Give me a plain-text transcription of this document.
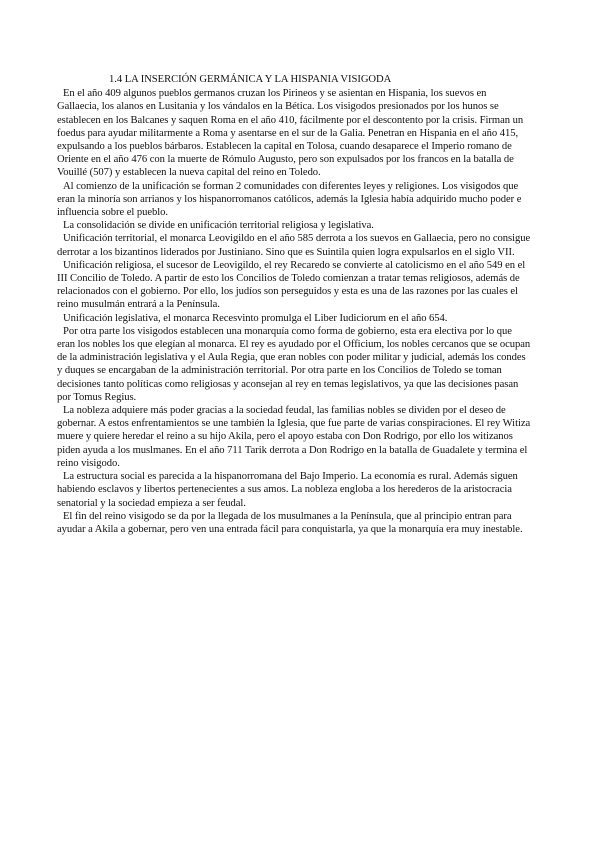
1.4 LA INSERCIÓN GERMÁNICA Y LA HISPANIA VISIGODA

En el año 409 algunos pueblos germanos cruzan los Pirineos y se asientan en Hispania, los suevos en Gallaecia, los alanos en Lusitania y los vándalos en la Bética. Los visigodos presionados por los hunos se establecen en los Balcanes y saquen Roma en el año 410, fácilmente por el descontento por la crisis. Firman un foedus para ayudar militarmente a Roma y asentarse en el sur de la Galia. Penetran en Hispania en el año 415, expulsando a los pueblos bárbaros. Establecen la capital en Tolosa, cuando desaparece el Imperio romano de Oriente en el año 476 con la muerte de Rómulo Augusto, pero son expulsados por los francos en la batalla de Vouillé (507) y establecen la nueva capital del reino en Toledo.

Al comienzo de la unificación se forman 2 comunidades con diferentes leyes y religiones. Los visigodos que eran la minoría son arrianos y los hispanorromanos católicos, además la Iglesia había adquirido mucho poder e influencia sobre el pueblo.

La consolidación se divide en unificación territorial religiosa y legislativa.

Unificación territorial, el monarca Leovigildo en el año 585 derrota a los suevos en Gallaecia, pero no consigue derrotar a los bizantinos liderados por Justiniano. Sino que es Suintila quien logra expulsarlos en el siglo VII.

Unificación religiosa, el sucesor de Leovigildo, el rey Recaredo se convierte al catolicismo en el año 549 en el III Concilio de Toledo. A partir de esto los Concilios de Toledo comienzan a tratar temas religiosos, además de relacionados con el gobierno. Por ello, los judíos son perseguidos y esta es una de las razones por las cuales el reino musulmán entrará a la Península.

Unificación legislativa, el monarca Recesvinto promulga el Liber Iudiciorum en el año 654.

Por otra parte los visigodos establecen una monarquía como forma de gobierno, esta era electiva por lo que eran los nobles los que elegían al monarca. El rey es ayudado por el Officium, los nobles cercanos que se ocupan de la administración legislativa y el Aula Regia, que eran nobles con poder militar y judicial, además los condes y duques se encargaban de la administración territorial. Por otra parte en los Concilios de Toledo se toman decisiones tanto políticas como religiosas y aconsejan al rey en temas legislativos, ya que las decisiones pasan por Tomus Regius.

La nobleza adquiere más poder gracias a la sociedad feudal, las familias nobles se dividen por el deseo de gobernar. A estos enfrentamientos se une también la Iglesia, que fue parte de varias conspiraciones. El rey Witiza muere y quiere heredar el reino a su hijo Akila, pero el apoyo estaba con Don Rodrigo, por ello los witizanos piden ayuda a los muslmanes. En el año 711 Tarik derrota a Don Rodrigo en la batalla de Guadalete y termina el reino visigodo.

La estructura social es parecida a la hispanorromana del Bajo Imperio. La economía es rural. Además siguen habiendo esclavos y libertos pertenecientes a sus amos. La nobleza engloba a los herederos de la aristocracia senatorial y la sociedad empieza a ser feudal.

El fin del reino visigodo se da por la llegada de los musulmanes a la Península, que al principio entran para ayudar a Akila a gobernar, pero ven una entrada fácil para conquistarla, ya que la monarquía era muy inestable.
